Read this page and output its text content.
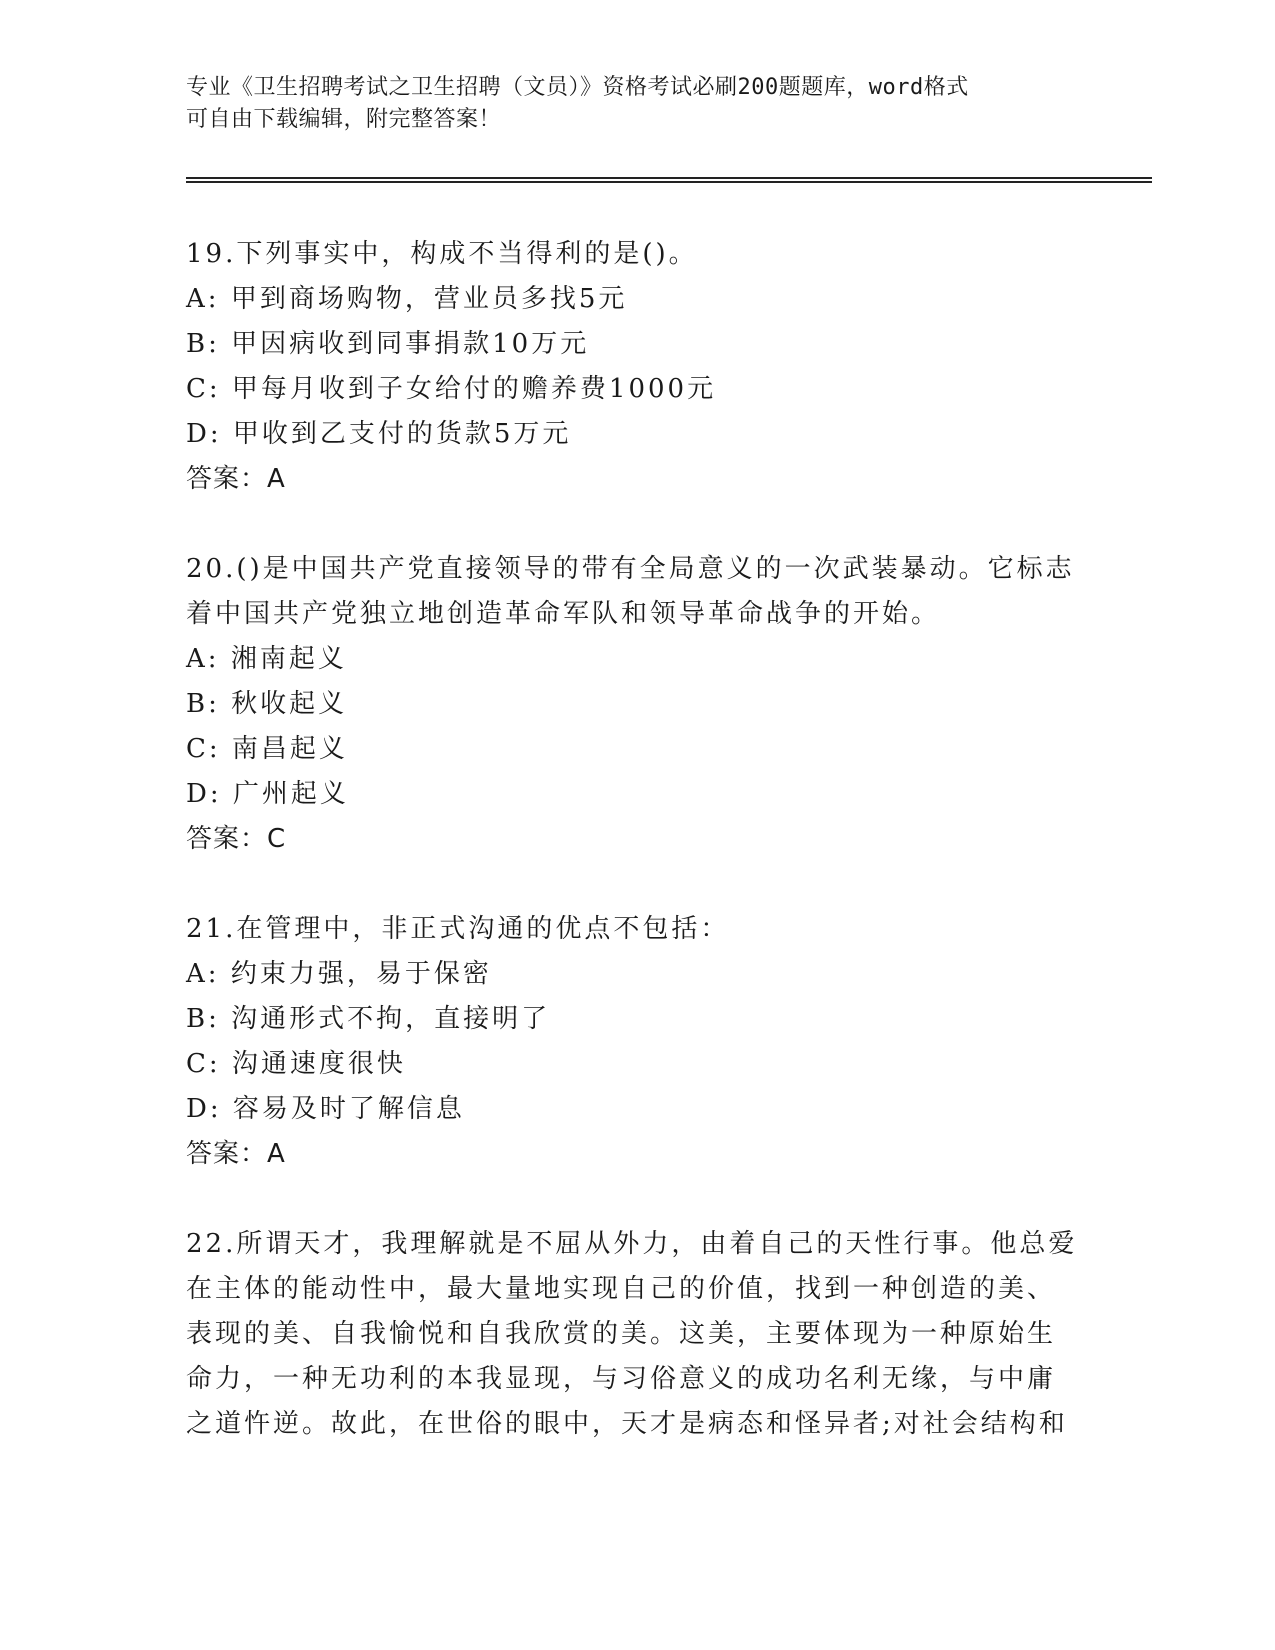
专业《卫生招聘考试之卫生招聘（文员）》资格考试必刷200题题库，word格式
可自由下载编辑，附完整答案！

19.下列事实中，构成不当得利的是()。

A: 甲到商场购物，营业员多找5元

B: 甲因病收到同事捐款10万元

C: 甲每月收到子女给付的赡养费1000元

D: 甲收到乙支付的货款5万元

答案：A

20.()是中国共产党直接领导的带有全局意义的一次武装暴动。它标志

着中国共产党独立地创造革命军队和领导革命战争的开始。

A: 湘南起义

B: 秋收起义

C: 南昌起义

D: 广州起义

答案：C

21.在管理中，非正式沟通的优点不包括：

A: 约束力强，易于保密

B: 沟通形式不拘，直接明了

C: 沟通速度很快

D: 容易及时了解信息

答案：A

22.所谓天才，我理解就是不屈从外力，由着自己的天性行事。他总爱

在主体的能动性中，最大量地实现自己的价值，找到一种创造的美、

表现的美、自我愉悦和自我欣赏的美。这美，主要体现为一种原始生

命力，一种无功利的本我显现，与习俗意义的成功名利无缘，与中庸

之道忤逆。故此，在世俗的眼中，天才是病态和怪异者;对社会结构和
